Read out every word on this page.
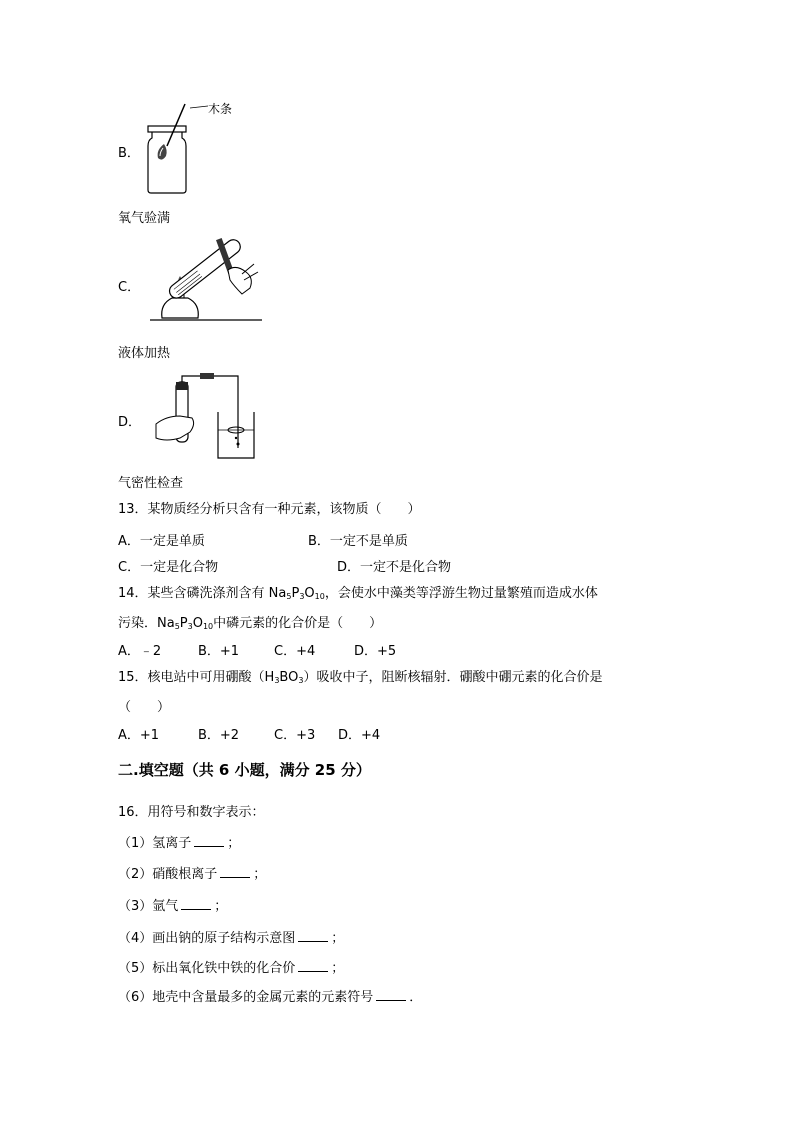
B．
木条
氧气验满
C．
液体加热
D．
气密性检查
13．某物质经分析只含有一种元素，该物质（　　）
A．一定是单质	B．一定不是单质
C．一定是化合物	D．一定不是化合物
14．某些含磷洗涤剂含有 $Na_5P_3O_{10}$，会使水中藻类等浮游生物过量繁殖而造成水体
污染．$Na_5P_3O_{10}$中磷元素的化合价是（　　）
A．﹣2	B．+1	C．+4	D．+5
15．核电站中可用硼酸$(H_3BO_3)$吸收中子，阻断核辐射．硼酸中硼元素的化合价是
（　　）
A．+1	B．+2	C．+3 D．+4
二.填空题（共 6 小题，满分 25 分）
16．用符号和数字表示：
（1）氢离子	；
（2）硝酸根离子	；
（3）氩气	；
（4）画出钠的原子结构示意图	；
（5）标出氧化铁中铁的化合价	；
（6）地壳中含量最多的金属元素的元素符号	．
